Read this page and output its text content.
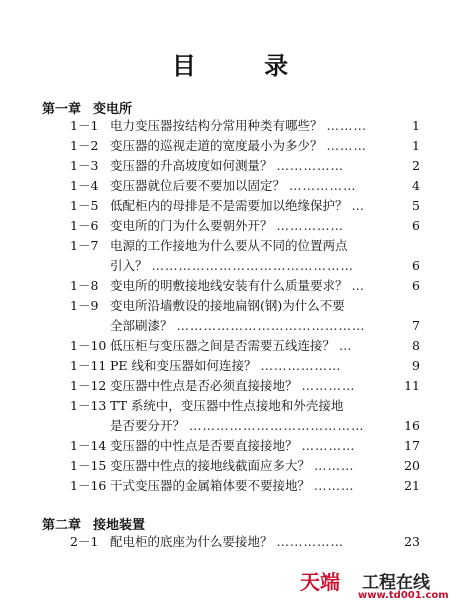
目 录
第一章 变电所
1－1 电力变压器按结构分常用种类有哪些？ ………	1
1－2 变压器的巡视走道的宽度最小为多少？ ………	1
1－3 变压器的升高坡度如何测量？ ……………	2
1－4 变压器就位后要不要加以固定？ ……………	4
1－5 低配柜内的母排是不是需要加以绝缘保护？ …	5
1－6 变电所的门为什么要朝外开？ ……………	6
1－7 电源的工作接地为什么要从不同的位置两点
引入？ ………………………………………	6
1－8 变电所的明敷接地线安装有什么质量要求？ …	6
1－9 变电所沿墙敷设的接地扁钢(钢)为什么不要
全部刷漆？ ……………………………………	7
1－10 低压柜与变压器之间是否需要五线连接？ …	8
1－11 PE 线和变压器如何连接？ ………………	9
1－12 变压器中性点是否必须直接接地？ …………	11
1－13 TT 系统中，变压器中性点接地和外壳接地
是否要分开？ …………………………………	16
1－14 变压器的中性点是否要直接接地？ …………	17
1－15 变压器中性点的接地线截面应多大？ ………	20
1－16 干式变压器的金属箱体要不要接地？ ………	21
第二章 接地装置
2－1 配电柜的底座为什么要接地？ ……………	23
天端 工程在线
www.td001.com
